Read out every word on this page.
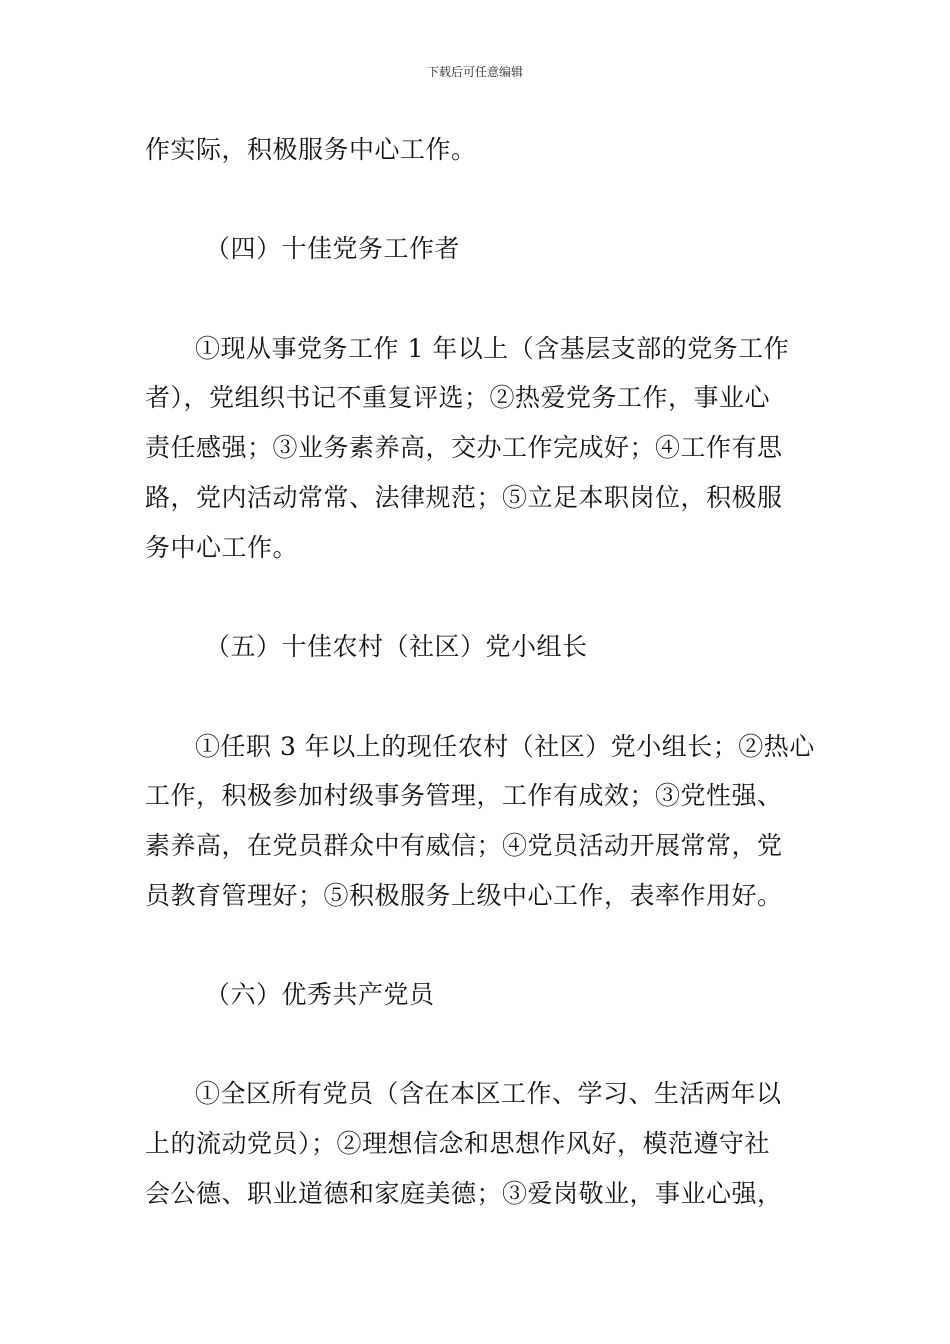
下载后可任意编辑
作实际，积极服务中心工作。
（四）十佳党务工作者
①现从事党务工作 1 年以上（含基层支部的党务工作
者），党组织书记不重复评选；②热爱党务工作，事业心
责任感强；③业务素养高，交办工作完成好；④工作有思
路，党内活动常常、法律规范；⑤立足本职岗位，积极服
务中心工作。
（五）十佳农村（社区）党小组长
①任职 3 年以上的现任农村（社区）党小组长；②热心
工作，积极参加村级事务管理，工作有成效；③党性强、
素养高，在党员群众中有威信；④党员活动开展常常，党
员教育管理好；⑤积极服务上级中心工作，表率作用好。
（六）优秀共产党员
①全区所有党员（含在本区工作、学习、生活两年以
上的流动党员）；②理想信念和思想作风好，模范遵守社
会公德、职业道德和家庭美德；③爱岗敬业，事业心强，
